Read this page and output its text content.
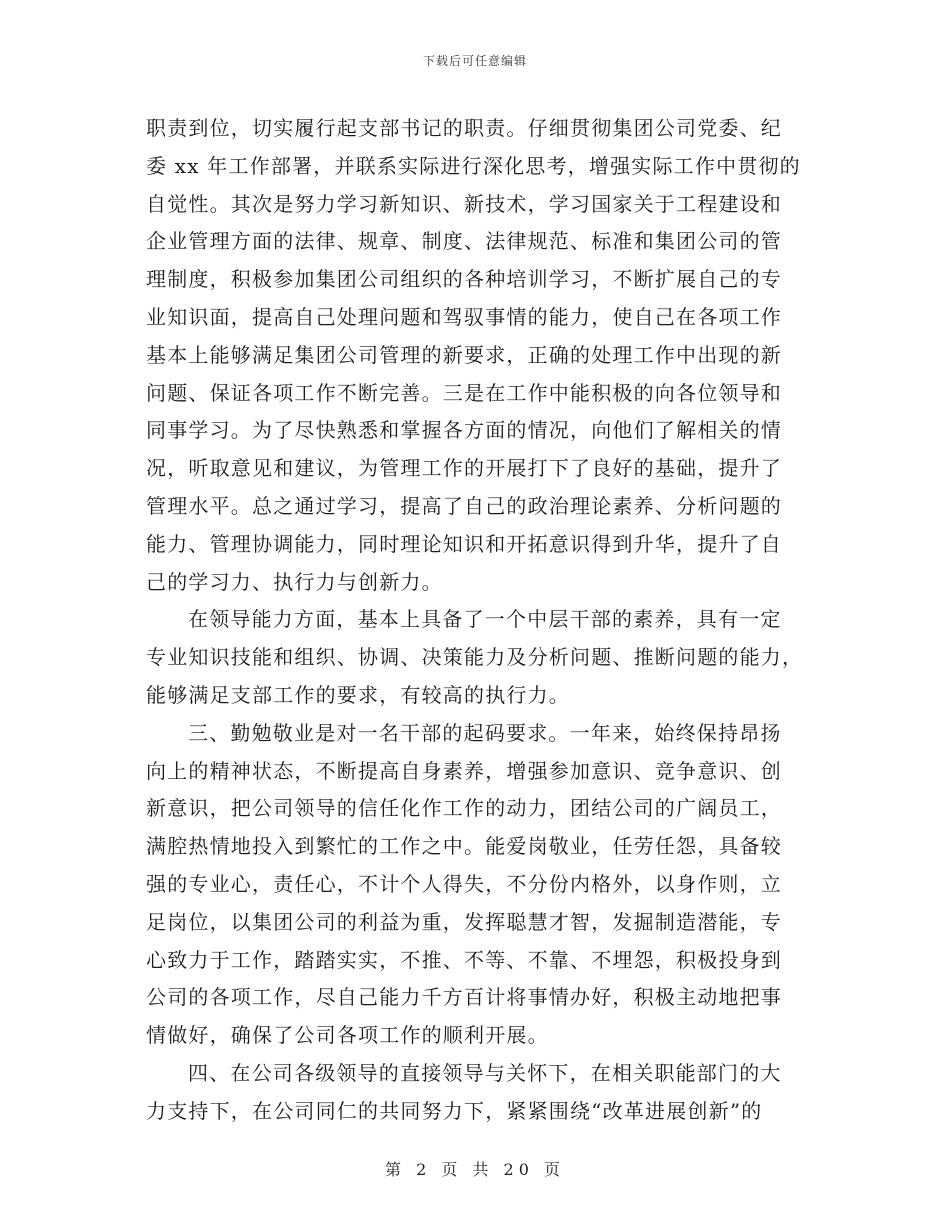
下载后可任意编辑

职责到位，切实履行起支部书记的职责。仔细贯彻集团公司党委、纪
委 xx 年工作部署，并联系实际进行深化思考，增强实际工作中贯彻的
自觉性。其次是努力学习新知识、新技术，学习国家关于工程建设和
企业管理方面的法律、规章、制度、法律规范、标准和集团公司的管
理制度，积极参加集团公司组织的各种培训学习，不断扩展自己的专
业知识面，提高自己处理问题和驾驭事情的能力，使自己在各项工作
基本上能够满足集团公司管理的新要求，正确的处理工作中出现的新
问题、保证各项工作不断完善。三是在工作中能积极的向各位领导和
同事学习。为了尽快熟悉和掌握各方面的情况，向他们了解相关的情
况，听取意见和建议，为管理工作的开展打下了良好的基础，提升了
管理水平。总之通过学习，提高了自己的政治理论素养、分析问题的
能力、管理协调能力，同时理论知识和开拓意识得到升华，提升了自
己的学习力、执行力与创新力。

在领导能力方面，基本上具备了一个中层干部的素养，具有一定
专业知识技能和组织、协调、决策能力及分析问题、推断问题的能力，
能够满足支部工作的要求，有较高的执行力。

三、勤勉敬业是对一名干部的起码要求。一年来，始终保持昂扬
向上的精神状态，不断提高自身素养，增强参加意识、竞争意识、创
新意识，把公司领导的信任化作工作的动力，团结公司的广阔员工，
满腔热情地投入到繁忙的工作之中。能爱岗敬业，任劳任怨，具备较
强的专业心，责任心，不计个人得失，不分份内格外，以身作则，立
足岗位，以集团公司的利益为重，发挥聪慧才智，发掘制造潜能，专
心致力于工作，踏踏实实，不推、不等、不靠、不埋怨，积极投身到
公司的各项工作，尽自己能力千方百计将事情办好，积极主动地把事
情做好，确保了公司各项工作的顺利开展。

四、在公司各级领导的直接领导与关怀下，在相关职能部门的大
力支持下，在公司同仁的共同努力下，紧紧围绕“改革进展创新”的

第 2 页 共 20 页
